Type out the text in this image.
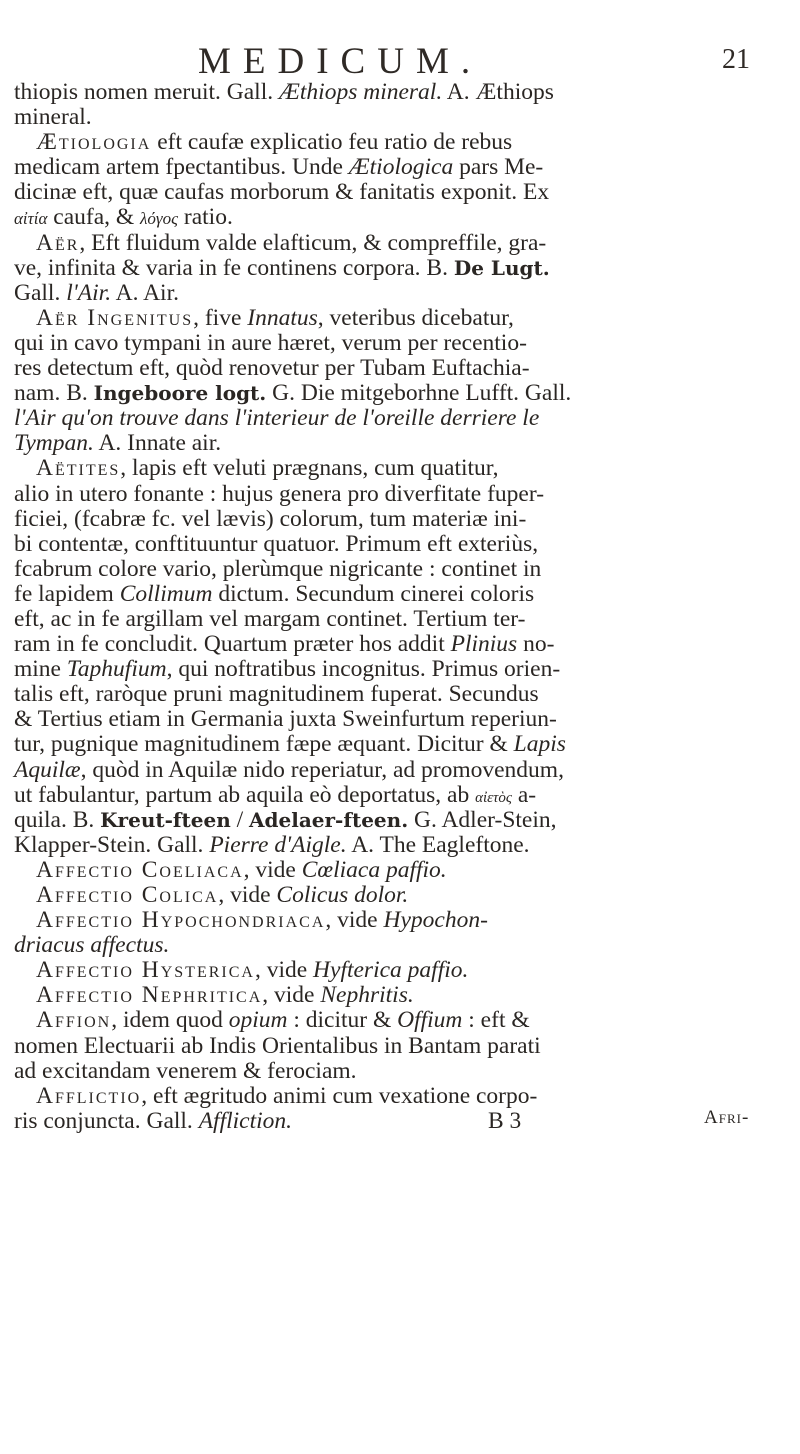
MEDICUM.	21
thiopis nomen meruit. Gall. Æthiops mineral. A. Æthiops
mineral.
Ætiologia eft caufæ explicatio feu ratio de rebus
medicam artem fpectantibus. Unde Ætiologica pars Me-
dicinæ eft, quæ caufas morborum & fanitatis exponit. Ex
αἰτία caufa, & λόγος ratio.
Aër, Eft fluidum valde elafticum, & compreffile, gra-
ve, infinita & varia in fe continens corpora. B. De Lugt.
Gall. l'Air. A. Air.
Aër Ingenitus, five Innatus, veteribus dicebatur,
qui in cavo tympani in aure hæret, verum per recentio-
res detectum eft, quòd renovetur per Tubam Euftachia-
nam. B. Ingeboore logt. G. Die mitgeborhne Lufft. Gall.
l'Air qu'on trouve dans l'interieur de l'oreille derriere le
Tympan. A. Innate air.
Aëtites, lapis eft veluti prægnans, cum quatitur,
alio in utero fonante : hujus genera pro diverfitate fuper-
ficiei, (fcabræ fc. vel lævis) colorum, tum materiæ ini-
bi contentæ, conftituuntur quatuor. Primum eft exteriùs,
fcabrum colore vario, plerùmque nigricante : continet in
fe lapidem Collimum dictum. Secundum cinerei coloris
eft, ac in fe argillam vel margam continet. Tertium ter-
ram in fe concludit. Quartum præter hos addit Plinius no-
mine Taphufium, qui noftratibus incognitus. Primus orien-
talis eft, raròque pruni magnitudinem fuperat. Secundus
& Tertius etiam in Germania juxta Sweinfurtum reperiun-
tur, pugnique magnitudinem fæpe æquant. Dicitur & Lapis
Aquilæ, quòd in Aquilæ nido reperiatur, ad promovendum,
ut fabulantur, partum ab aquila eò deportatus, ab αἰετὸς a-
quila. B. Kreut-fteen / Adelaer-fteen. G. Adler-Stein,
Klapper-Stein. Gall. Pierre d'Aigle. A. The Eagleftone.
Affectio Coeliaca, vide Cœliaca paffio.
Affectio Colica, vide Colicus dolor.
Affectio Hypochondriaca, vide Hypochon-
driacus affectus.
Affectio Hysterica, vide Hyfterica paffio.
Affectio Nephritica, vide Nephritis.
Affion, idem quod opium : dicitur & Offium : eft &
nomen Electuarii ab Indis Orientalibus in Bantam parati
ad excitandam venerem & ferociam.
Afflictio, eft ægritudo animi cum vexatione corpo-
ris conjuncta. Gall. Affliction.	B 3	Afri-
